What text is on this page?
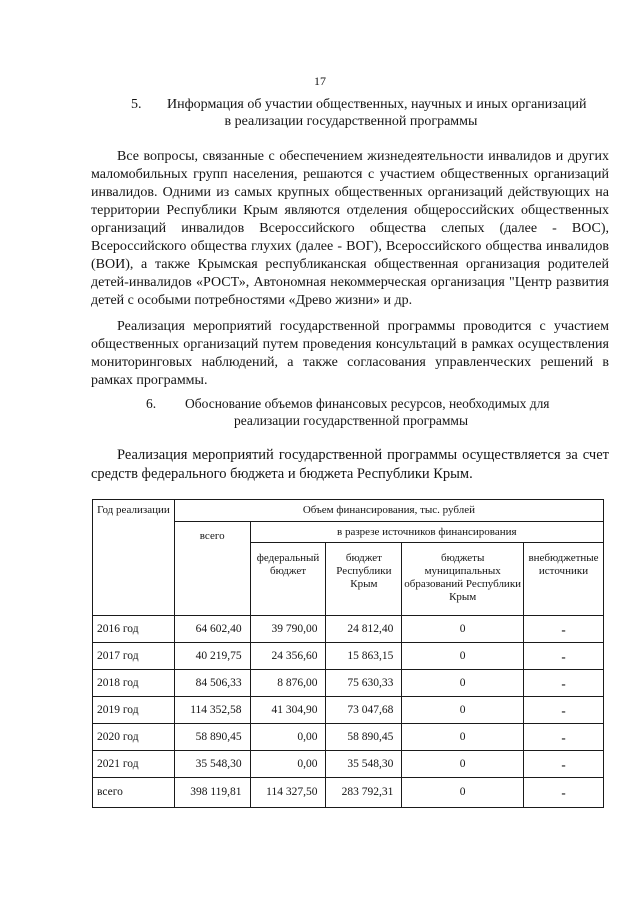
17
5. Информация об участии общественных, научных и иных организаций
в реализации государственной программы
Все вопросы, связанные с обеспечением жизнедеятельности инвалидов и других маломобильных групп населения, решаются с участием общественных организаций инвалидов. Одними из самых крупных общественных организаций действующих на территории Республики Крым являются отделения общероссийских общественных организаций инвалидов Всероссийского общества слепых (далее - ВОС), Всероссийского общества глухих (далее - ВОГ), Всероссийского общества инвалидов (ВОИ), а также Крымская республиканская общественная организация родителей детей-инвалидов «РОСТ», Автономная некоммерческая организация "Центр развития детей с особыми потребностями «Древо жизни» и др.
Реализация мероприятий государственной программы проводится с участием общественных организаций путем проведения консультаций в рамках осуществления мониторинговых наблюдений, а также согласования управленческих решений в рамках программы.
6. Обоснование объемов финансовых ресурсов, необходимых для
реализации государственной программы
Реализация мероприятий государственной программы осуществляется за счет средств федерального бюджета и бюджета Республики Крым.
Год реализации	Объем финансирования, тыс. рублей				
	всего	в разрезе источников финансирования			
		федеральный бюджет	бюджет Республики Крым	бюджеты муниципальных образований Республики Крым	внебюджетные источники
2016 год	64 602,40	39 790,00	24 812,40	0	-
2017 год	40 219,75	24 356,60	15 863,15	0	-
2018 год	84 506,33	8 876,00	75 630,33	0	-
2019 год	114 352,58	41 304,90	73 047,68	0	-
2020 год	58 890,45	0,00	58 890,45	0	-
2021 год	35 548,30	0,00	35 548,30	0	-
всего	398 119,81	114 327,50	283 792,31	0	-
